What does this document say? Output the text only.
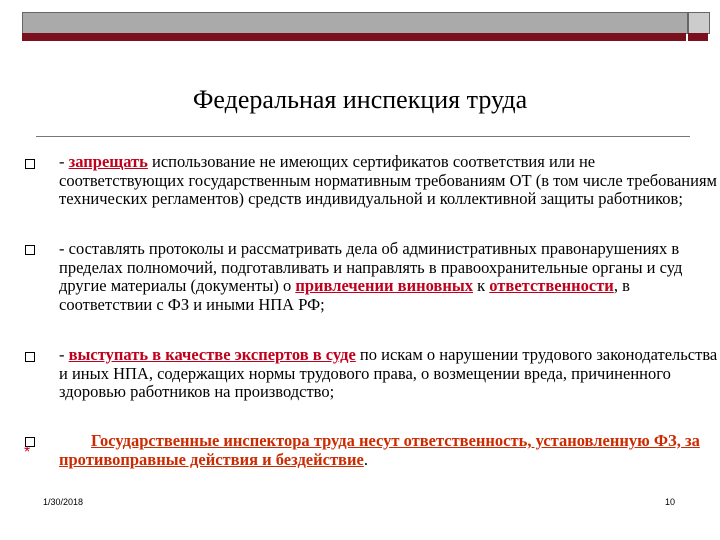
Федеральная инспекция труда
- запрещать использование не имеющих сертификатов соответствия или не соответствующих государственным нормативным требованиям ОТ (в том числе требованиям технических регламентов) средств индивидуальной и коллективной защиты работников;
- составлять протоколы и рассматривать дела об административных правонарушениях в пределах полномочий, подготавливать и направлять в правоохранительные органы и суд другие материалы (документы) о привлечении виновных к ответственности, в соответствии с ФЗ и иными НПА РФ;
- выступать в качестве экспертов в суде по искам о нарушении трудового законодательства и иных НПА, содержащих нормы трудового права, о возмещении вреда, причиненного здоровью работников на производство;
Государственные инспектора труда несут ответственность, установленную ФЗ, за противоправные действия и бездействие.
*
1/30/2018	10
